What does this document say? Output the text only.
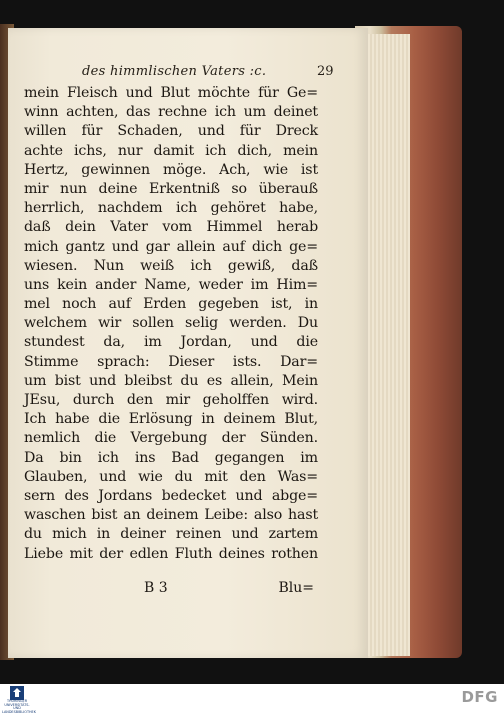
des himmlischen Vaters :c.	29
mein Fleisch und Blut möchte für Ge=
winn achten, das rechne ich um deinet
willen für Schaden, und für Dreck
achte ichs, nur damit ich dich, mein
Hertz, gewinnen möge. Ach, wie ist
mir nun deine Erkentniß so überauß
herrlich, nachdem ich gehöret habe,
daß dein Vater vom Himmel herab
mich gantz und gar allein auf dich ge=
wiesen. Nun weiß ich gewiß, daß
uns kein ander Name, weder im Him=
mel noch auf Erden gegeben ist, in
welchem wir sollen selig werden. Du
stundest da, im Jordan, und die
Stimme sprach: Dieser ists. Dar=
um bist und bleibst du es allein, Mein
JEsu, durch den mir geholffen wird.
Ich habe die Erlösung in deinem Blut,
nemlich die Vergebung der Sünden.
Da bin ich ins Bad gegangen im
Glauben, und wie du mit den Was=
sern des Jordans bedecket und abge=
waschen bist an deinem Leibe: also hast
du mich in deiner reinen und zartem
Liebe mit der edlen Fluth deines rothen
B 3	Blu=
THÜRINGER UNIVERSITÄTS- UND LANDESBIBLIOTHEK
DFG
